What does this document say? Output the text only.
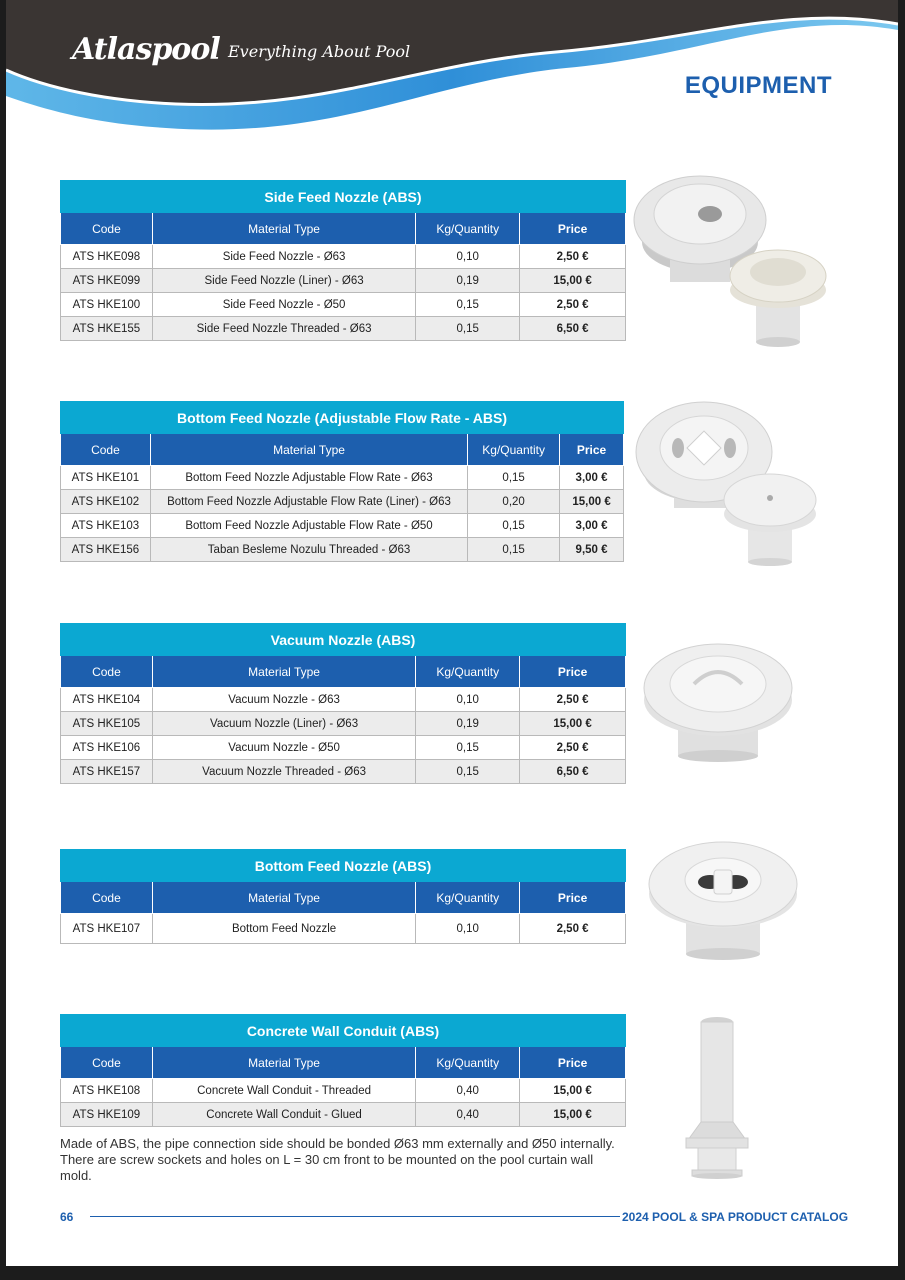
Atlaspool Everything About Pool
EQUIPMENT
Side Feed Nozzle (ABS)			
Code	Material Type	Kg/Quantity	Price
ATS HKE098	Side Feed Nozzle - Ø63	0,10	2,50 €
ATS HKE099	Side Feed Nozzle (Liner) - Ø63	0,19	15,00 €
ATS HKE100	Side Feed Nozzle - Ø50	0,15	2,50 €
ATS HKE155	Side Feed Nozzle Threaded - Ø63	0,15	6,50 €
Bottom Feed Nozzle (Adjustable Flow Rate - ABS)			
Code	Material Type	Kg/Quantity	Price
ATS HKE101	Bottom Feed Nozzle Adjustable Flow Rate - Ø63	0,15	3,00 €
ATS HKE102	Bottom Feed Nozzle Adjustable Flow Rate (Liner) - Ø63	0,20	15,00 €
ATS HKE103	Bottom Feed Nozzle Adjustable Flow Rate - Ø50	0,15	3,00 €
ATS HKE156	Taban Besleme Nozulu Threaded - Ø63	0,15	9,50 €
Vacuum Nozzle (ABS)			
Code	Material Type	Kg/Quantity	Price
ATS HKE104	Vacuum Nozzle - Ø63	0,10	2,50 €
ATS HKE105	Vacuum Nozzle (Liner) - Ø63	0,19	15,00 €
ATS HKE106	Vacuum Nozzle - Ø50	0,15	2,50 €
ATS HKE157	Vacuum Nozzle Threaded - Ø63	0,15	6,50 €
Bottom Feed Nozzle (ABS)			
Code	Material Type	Kg/Quantity	Price
ATS HKE107	Bottom Feed Nozzle	0,10	2,50 €
Concrete Wall Conduit (ABS)			
Code	Material Type	Kg/Quantity	Price
ATS HKE108	Concrete Wall Conduit - Threaded	0,40	15,00 €
ATS HKE109	Concrete Wall Conduit - Glued	0,40	15,00 €

Made of ABS, the pipe connection side should be bonded Ø63 mm externally and Ø50 internally. There are screw sockets and holes on L = 30 cm front to be mounted on the pool curtain wall mold.

66	2024 POOL & SPA PRODUCT CATALOG
